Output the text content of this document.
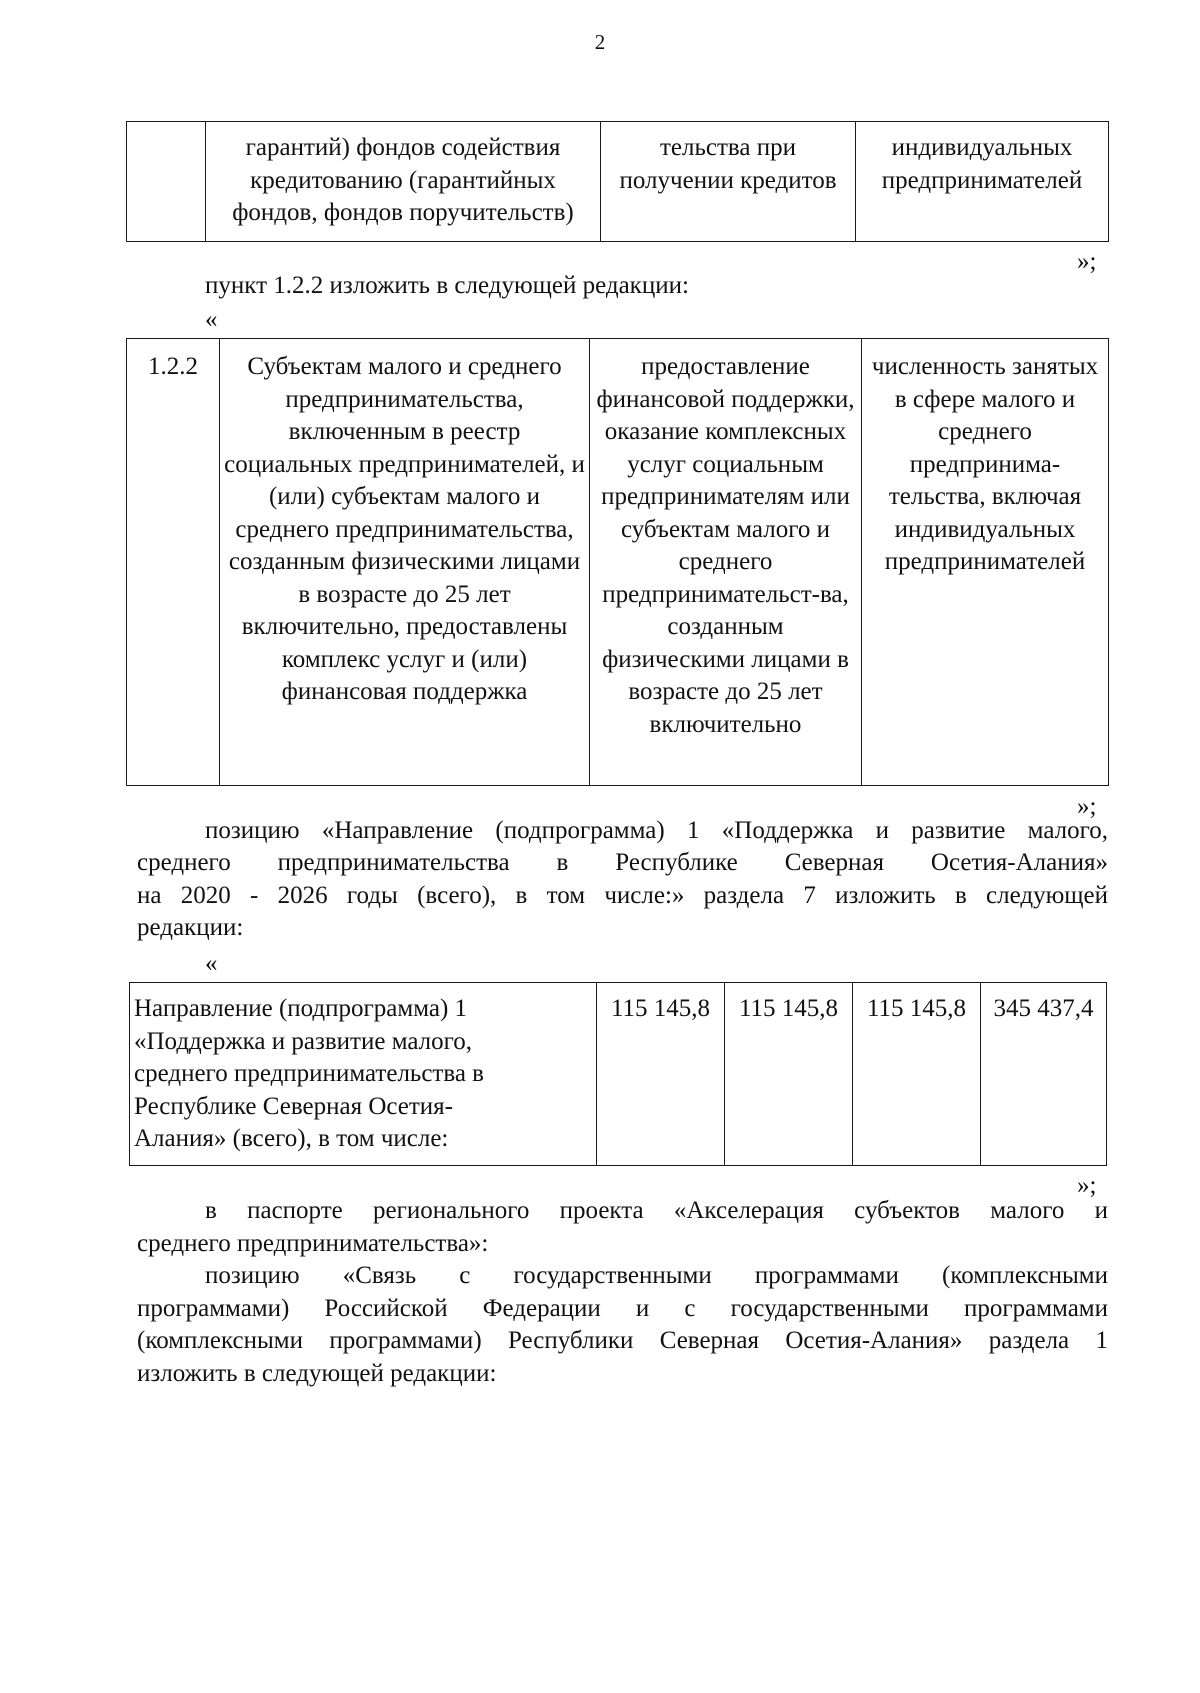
2
	гарантий) фондов содействия кредитованию (гарантийных фондов, фондов поручительств)	тельства при получении кредитов	индивидуальных предпринимателей
»;
пункт 1.2.2 изложить в следующей редакции:
«
1.2.2	Субъектам малого и среднего предпринимательства, включенным в реестр социальных предпринимателей, и (или) субъектам малого и среднего предпринимательства, созданным физическими лицами в возрасте до 25 лет включительно, предоставлены комплекс услуг и (или) финансовая поддержка	предоставление финансовой поддержки, оказание комплексных услуг социальным предпринимателям или субъектам малого и среднего предпринимательст-ва, созданным физическими лицами в возрасте до 25 лет включительно	численность занятых в сфере малого и среднего предпринима-тельства, включая индивидуальных предпринимателей
»;
позицию «Направление (подпрограмма) 1 «Поддержка и развитие малого,
среднего предпринимательства в Республике Северная Осетия-Алания»
на 2020 - 2026 годы (всего), в том числе:» раздела 7 изложить в следующей
редакции:
«
Направление (подпрограмма) 1 «Поддержка и развитие малого, среднего предпринимательства в Республике Северная Осетия-Алания» (всего), в том числе:	115 145,8	115 145,8	115 145,8	345 437,4
»;
в паспорте регионального проекта «Акселерация субъектов малого и
среднего предпринимательства»:
позицию «Связь с государственными программами (комплексными
программами) Российской Федерации и с государственными программами
(комплексными программами) Республики Северная Осетия-Алания» раздела 1
изложить в следующей редакции:
